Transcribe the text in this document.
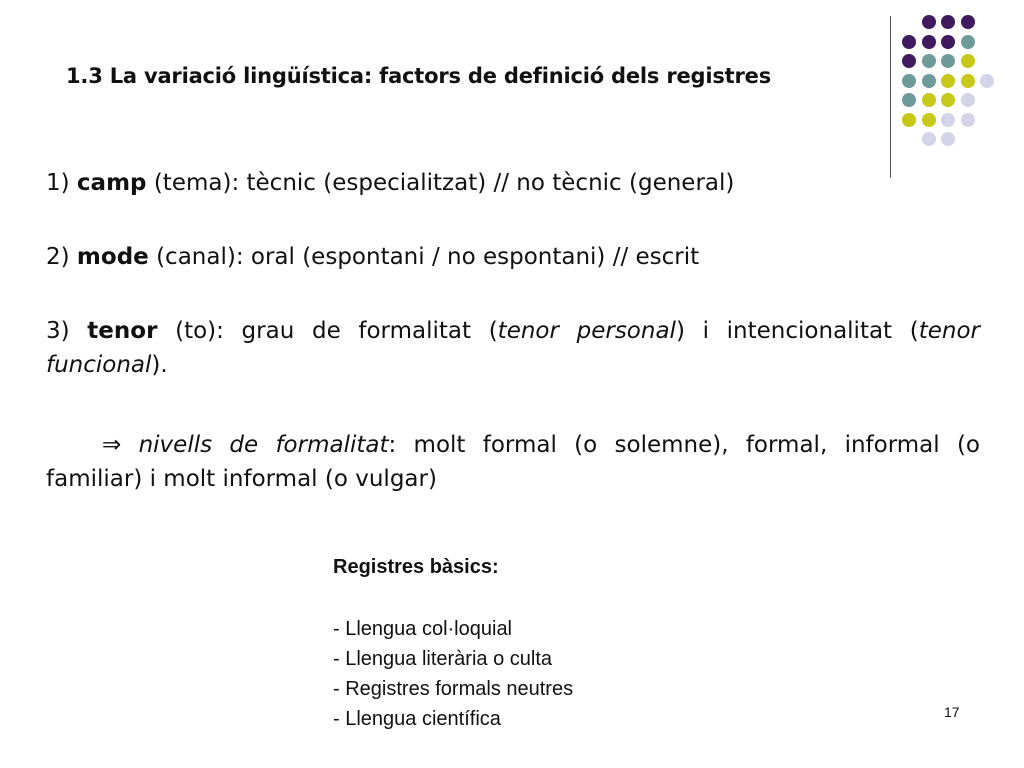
1.3 La variació lingüística: factors de definició dels registres

1) camp (tema): tècnic (especialitzat) // no tècnic (general)

2) mode (canal): oral (espontani / no espontani) // escrit

3) tenor (to): grau de formalitat (tenor personal) i intencionalitat (tenor funcional).

⇒ nivells de formalitat: molt formal (o solemne), formal, informal (o familiar) i molt informal (o vulgar)

Registres bàsics:
- Llengua col·loquial
- Llengua literària o culta
- Registres formals neutres
- Llengua científica	17
